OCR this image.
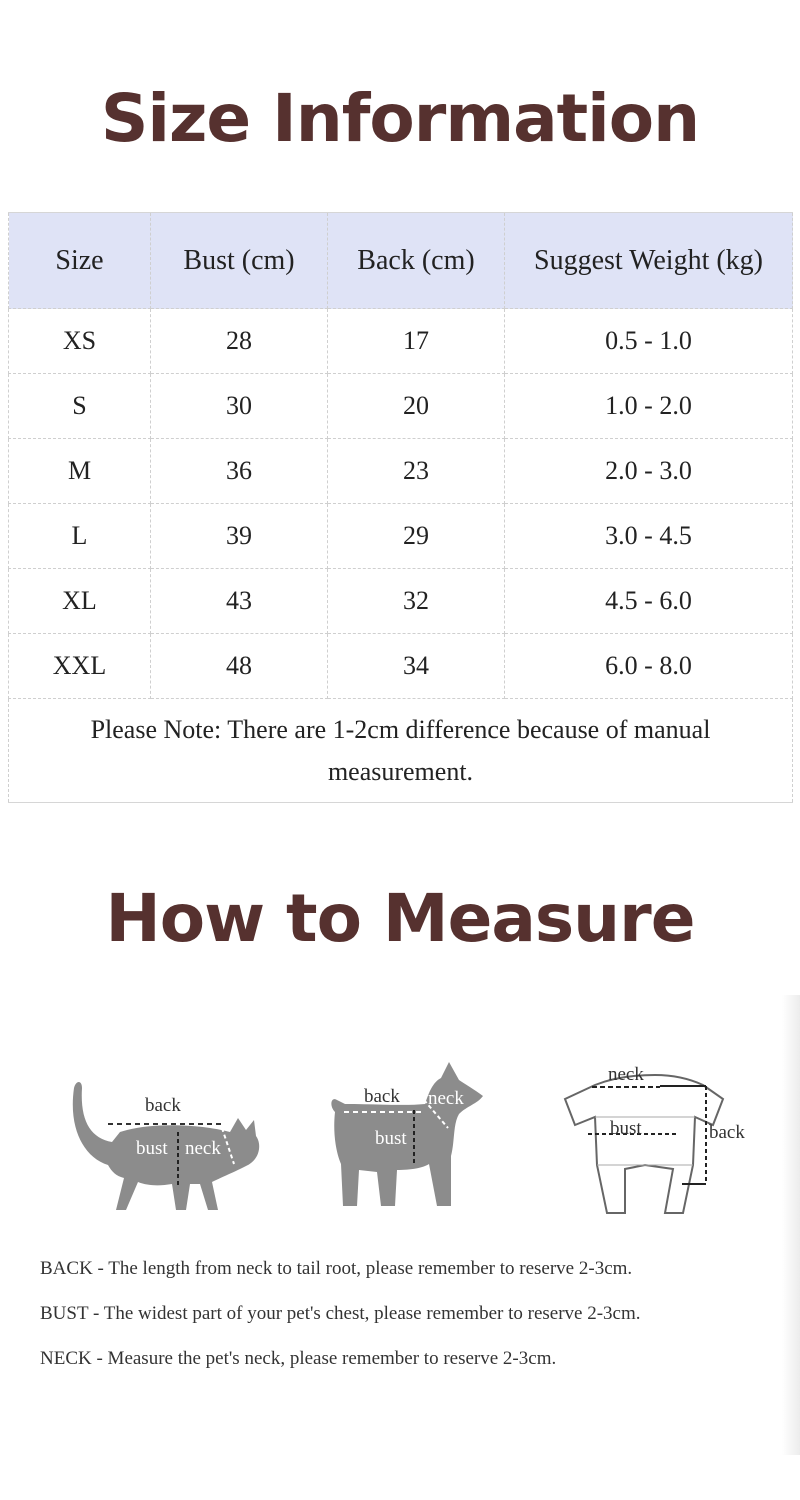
Size Information
Size	Bust (cm)	Back (cm)	Suggest Weight (kg)
XS	28	17	0.5 - 1.0
S	30	20	1.0 - 2.0
M	36	23	2.0 - 3.0
L	39	29	3.0 - 4.5
XL	43	32	4.5 - 6.0
XXL	48	34	6.0 - 8.0
Please Note: There are 1-2cm difference because of manual measurement.			
How to Measure
back
bust neck
back neck
bust
neck
bust	back
BACK - The length from neck to tail root, please remember to reserve 2-3cm.
BUST - The widest part of your pet's chest, please remember to reserve 2-3cm.
NECK - Measure the pet's neck, please remember to reserve 2-3cm.
